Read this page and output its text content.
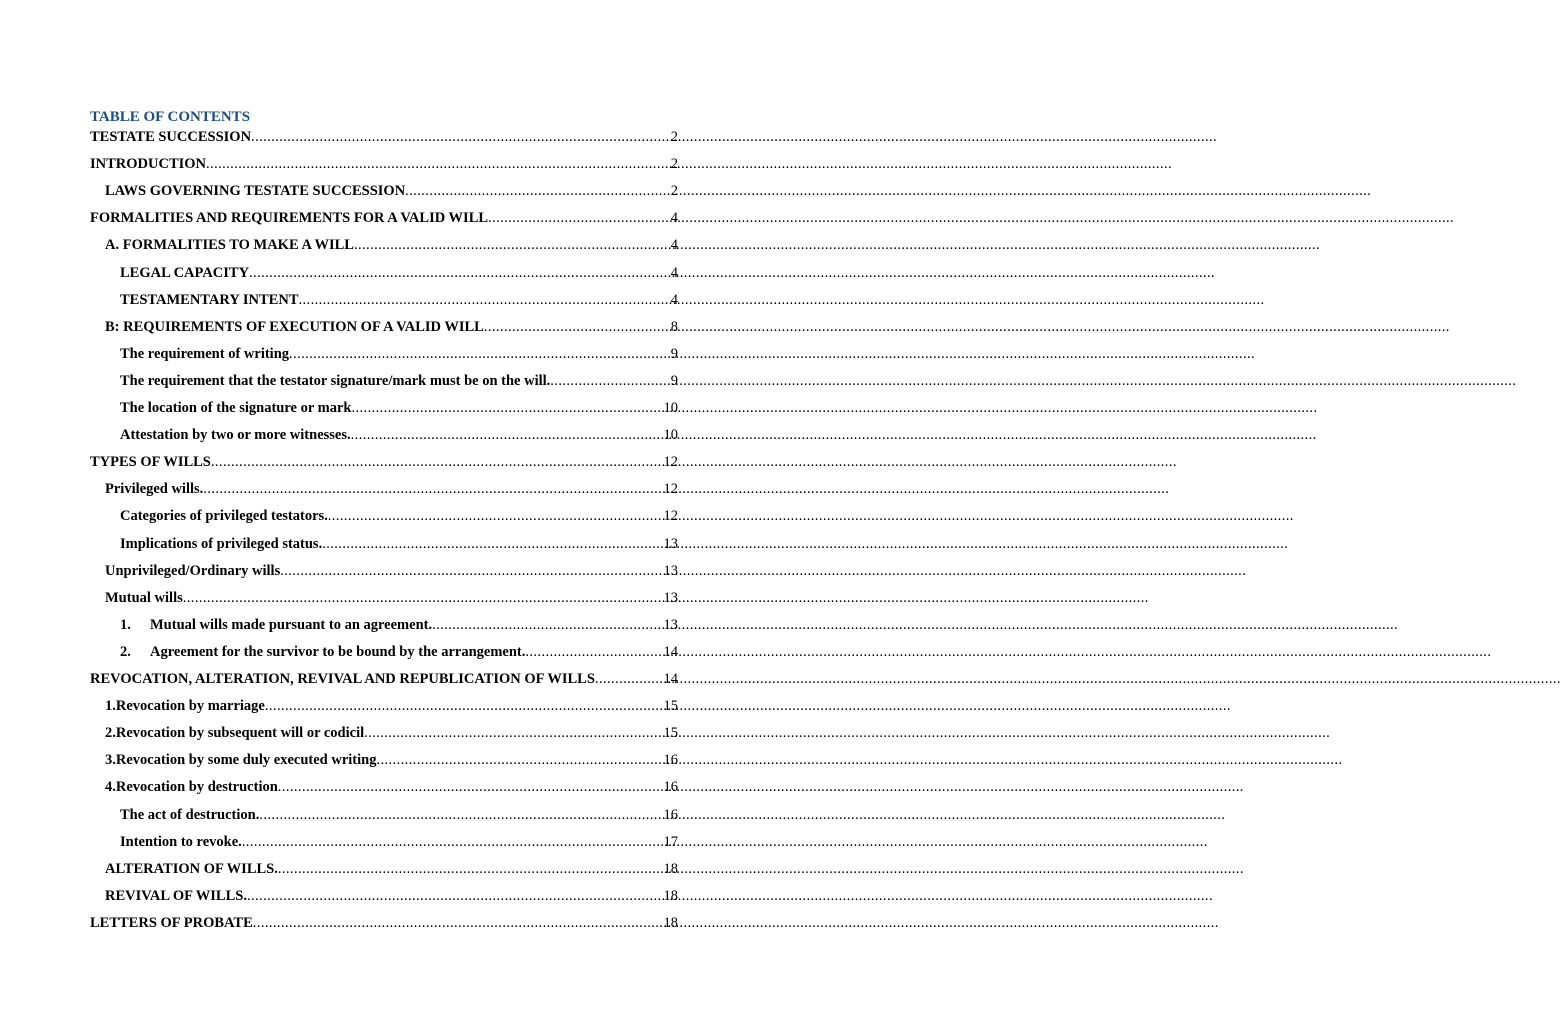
TABLE OF CONTENTS
TESTATE SUCCESSION .....	2
INTRODUCTION .....	2
LAWS GOVERNING TESTATE SUCCESSION .....	2
FORMALITIES AND REQUIREMENTS FOR A VALID WILL .....	4
A. FORMALITIES TO MAKE A WILL .....	4
LEGAL CAPACITY .....	4
TESTAMENTARY INTENT .....	4
B: REQUIREMENTS OF EXECUTION OF A VALID WILL .....	8
The requirement of writing .....	9
The requirement that the testator signature/mark must be on the will. .....	9
The location of the signature or mark .....	10
Attestation by two or more witnesses. .....	10
TYPES OF WILLS .....	12
Privileged wills. .....	12
Categories of privileged testators. .....	12
Implications of privileged status. .....	13
Unprivileged/Ordinary wills .....	13
Mutual wills .....	13
1.	Mutual wills made pursuant to an agreement. .....	13
2.	Agreement for the survivor to be bound by the arrangement. .....	14
REVOCATION, ALTERATION, REVIVAL AND REPUBLICATION OF WILLS .....	14
1.Revocation by marriage .....	15
2.Revocation by subsequent will or codicil .....	15
3.Revocation by some duly executed writing .....	16
4.Revocation by destruction .....	16
The act of destruction. .....	16
Intention to revoke. .....	17
ALTERATION OF WILLS. .....	18
REVIVAL OF WILLS. .....	18
LETTERS OF PROBATE .....	18
